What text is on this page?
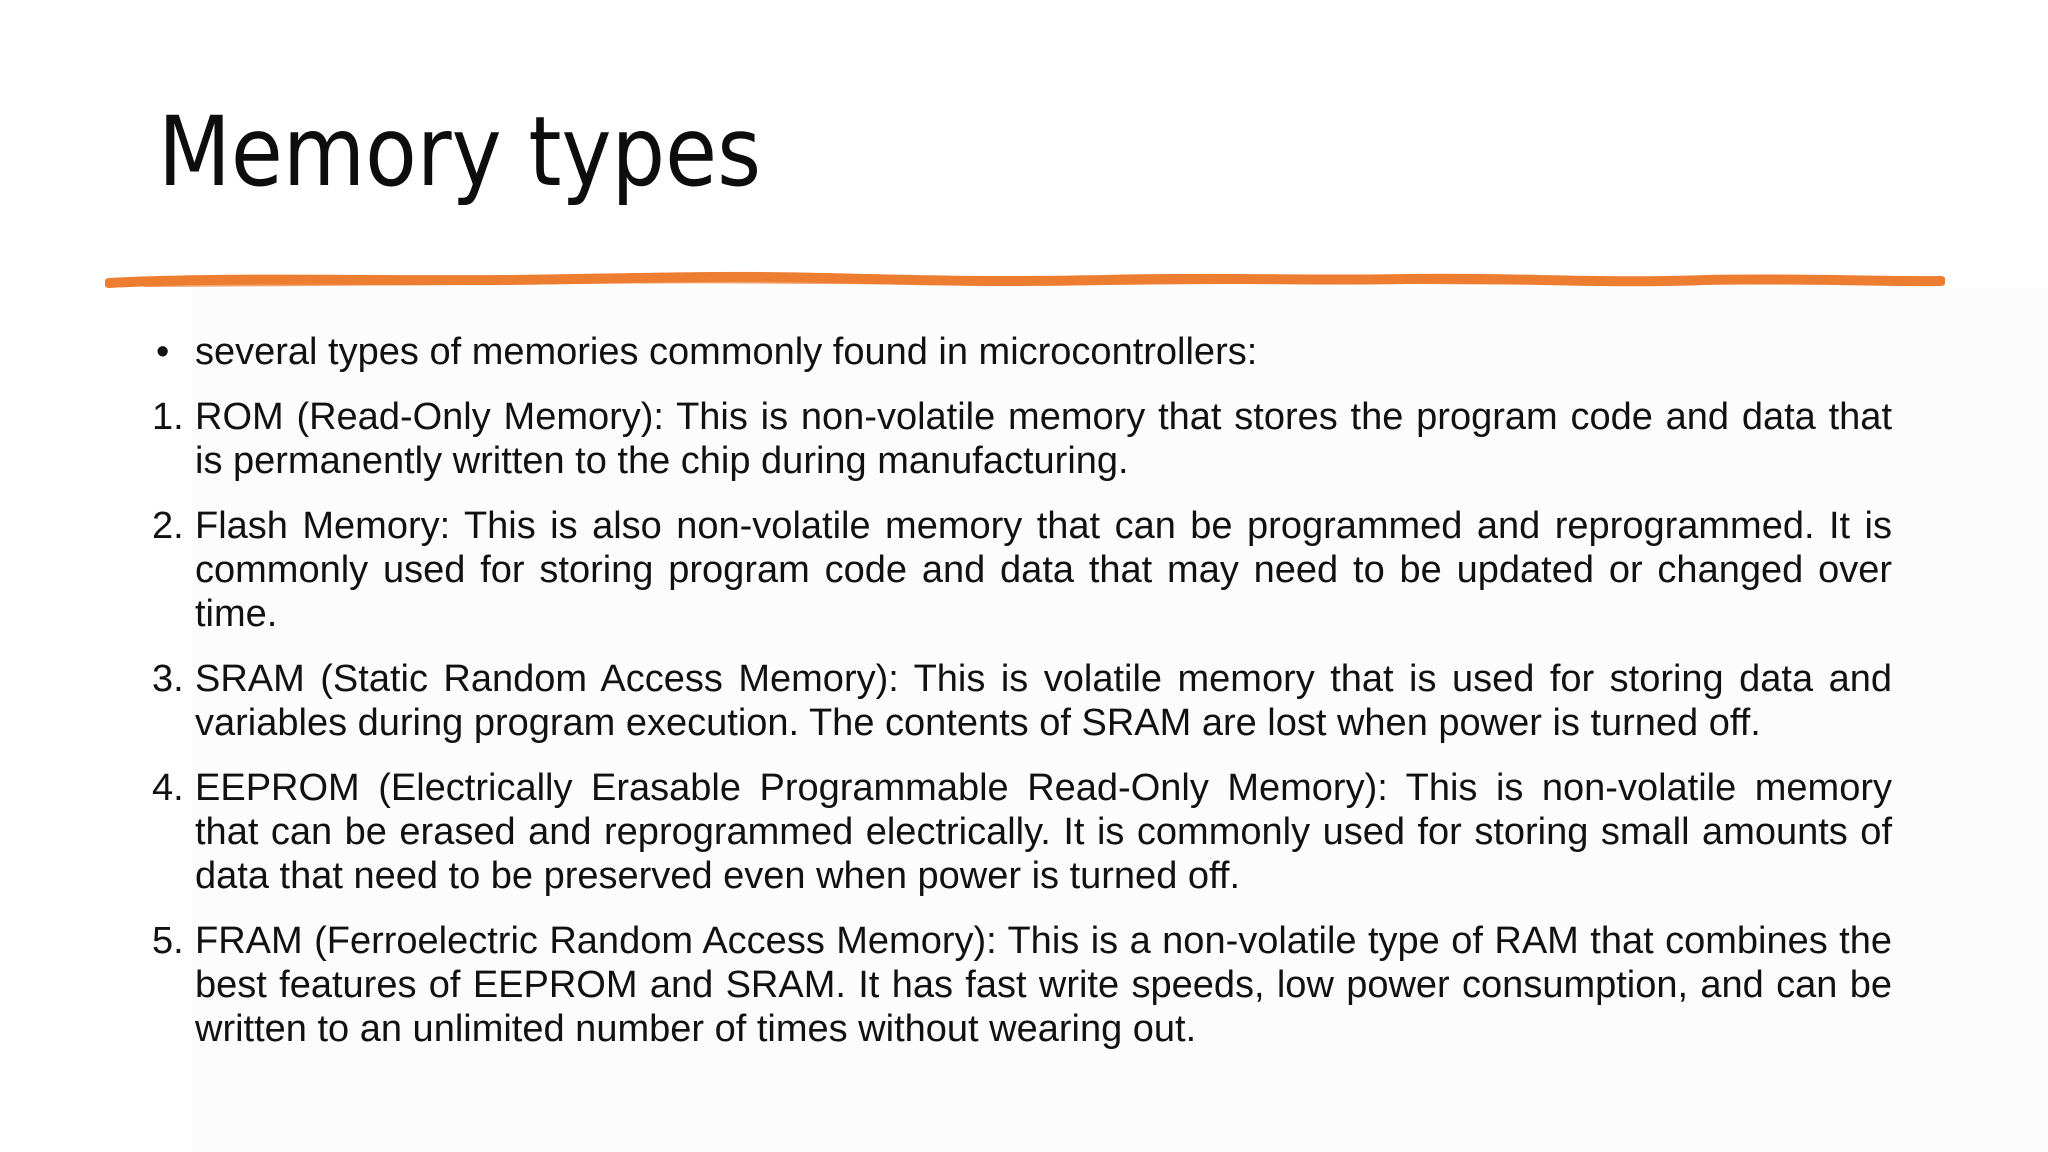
Memory types
• several types of memories commonly found in microcontrollers:
1. ROM (Read-Only Memory): This is non-volatile memory that stores the program code and data that is permanently written to the chip during manufacturing.
2. Flash Memory: This is also non-volatile memory that can be programmed and reprogrammed. It is commonly used for storing program code and data that may need to be updated or changed over time.
3. SRAM (Static Random Access Memory): This is volatile memory that is used for storing data and variables during program execution. The contents of SRAM are lost when power is turned off.
4. EEPROM (Electrically Erasable Programmable Read-Only Memory): This is non-volatile memory that can be erased and reprogrammed electrically. It is commonly used for storing small amounts of data that need to be preserved even when power is turned off.
5. FRAM (Ferroelectric Random Access Memory): This is a non-volatile type of RAM that combines the best features of EEPROM and SRAM. It has fast write speeds, low power consumption, and can be written to an unlimited number of times without wearing out.
